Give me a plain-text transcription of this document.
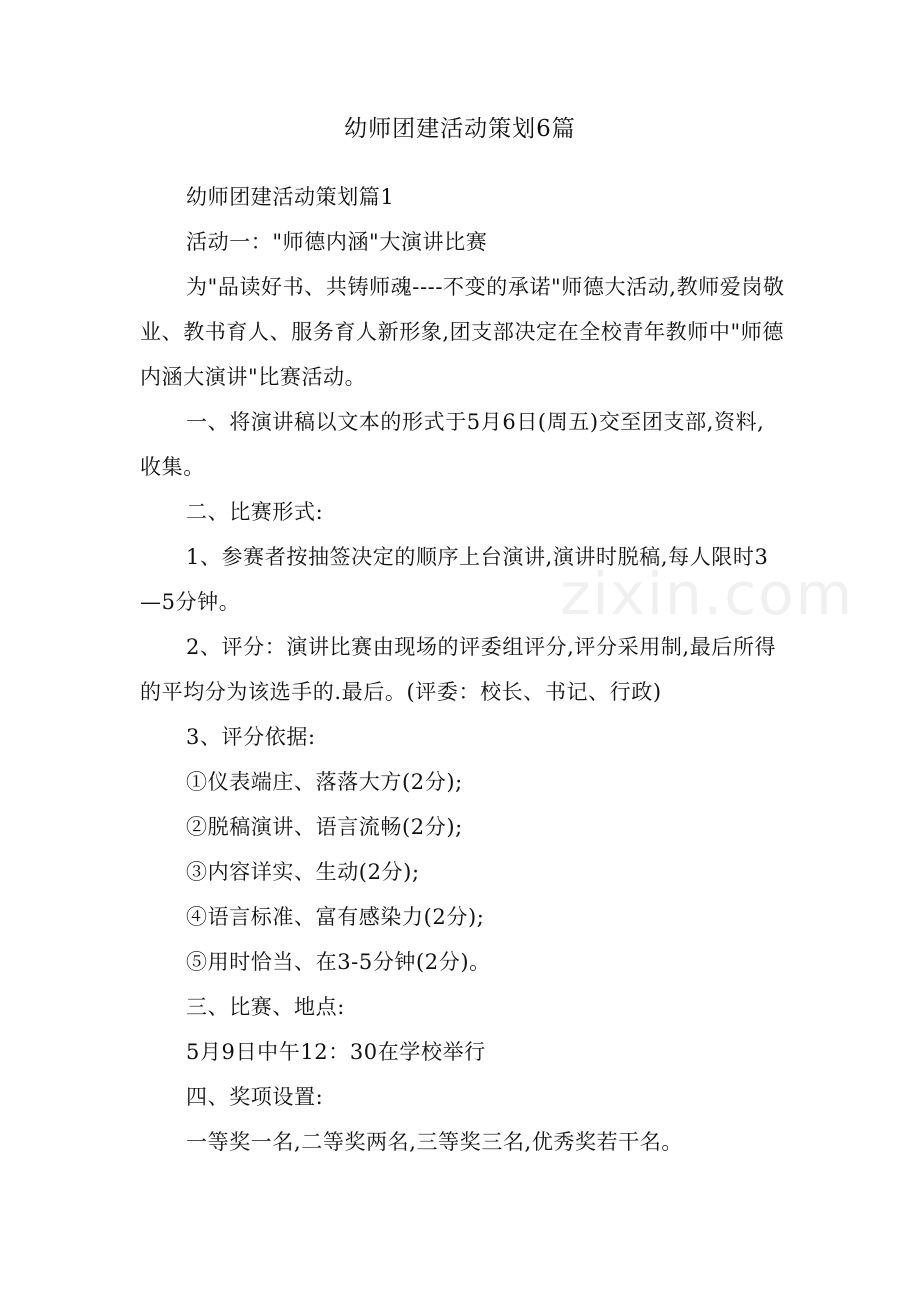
zixin.com
幼师团建活动策划6篇

幼师团建活动策划篇1

活动一："师德内涵"大演讲比赛

为"品读好书、共铸师魂----不变的承诺"师德大活动,教师爱岗敬业、教书育人、服务育人新形象,团支部决定在全校青年教师中"师德内涵大演讲"比赛活动。

一、将演讲稿以文本的形式于5月6日(周五)交至团支部,资料,收集。

二、比赛形式:

1、参赛者按抽签决定的顺序上台演讲,演讲时脱稿,每人限时3—5分钟。

2、评分：演讲比赛由现场的评委组评分,评分采用制,最后所得的平均分为该选手的.最后。(评委：校长、书记、行政)

3、评分依据:

①仪表端庄、落落大方(2分);

②脱稿演讲、语言流畅(2分);

③内容详实、生动(2分);

④语言标准、富有感染力(2分);

⑤用时恰当、在3-5分钟(2分)。

三、比赛、地点:

5月9日中午12：30在学校举行

四、奖项设置:

一等奖一名,二等奖两名,三等奖三名,优秀奖若干名。
